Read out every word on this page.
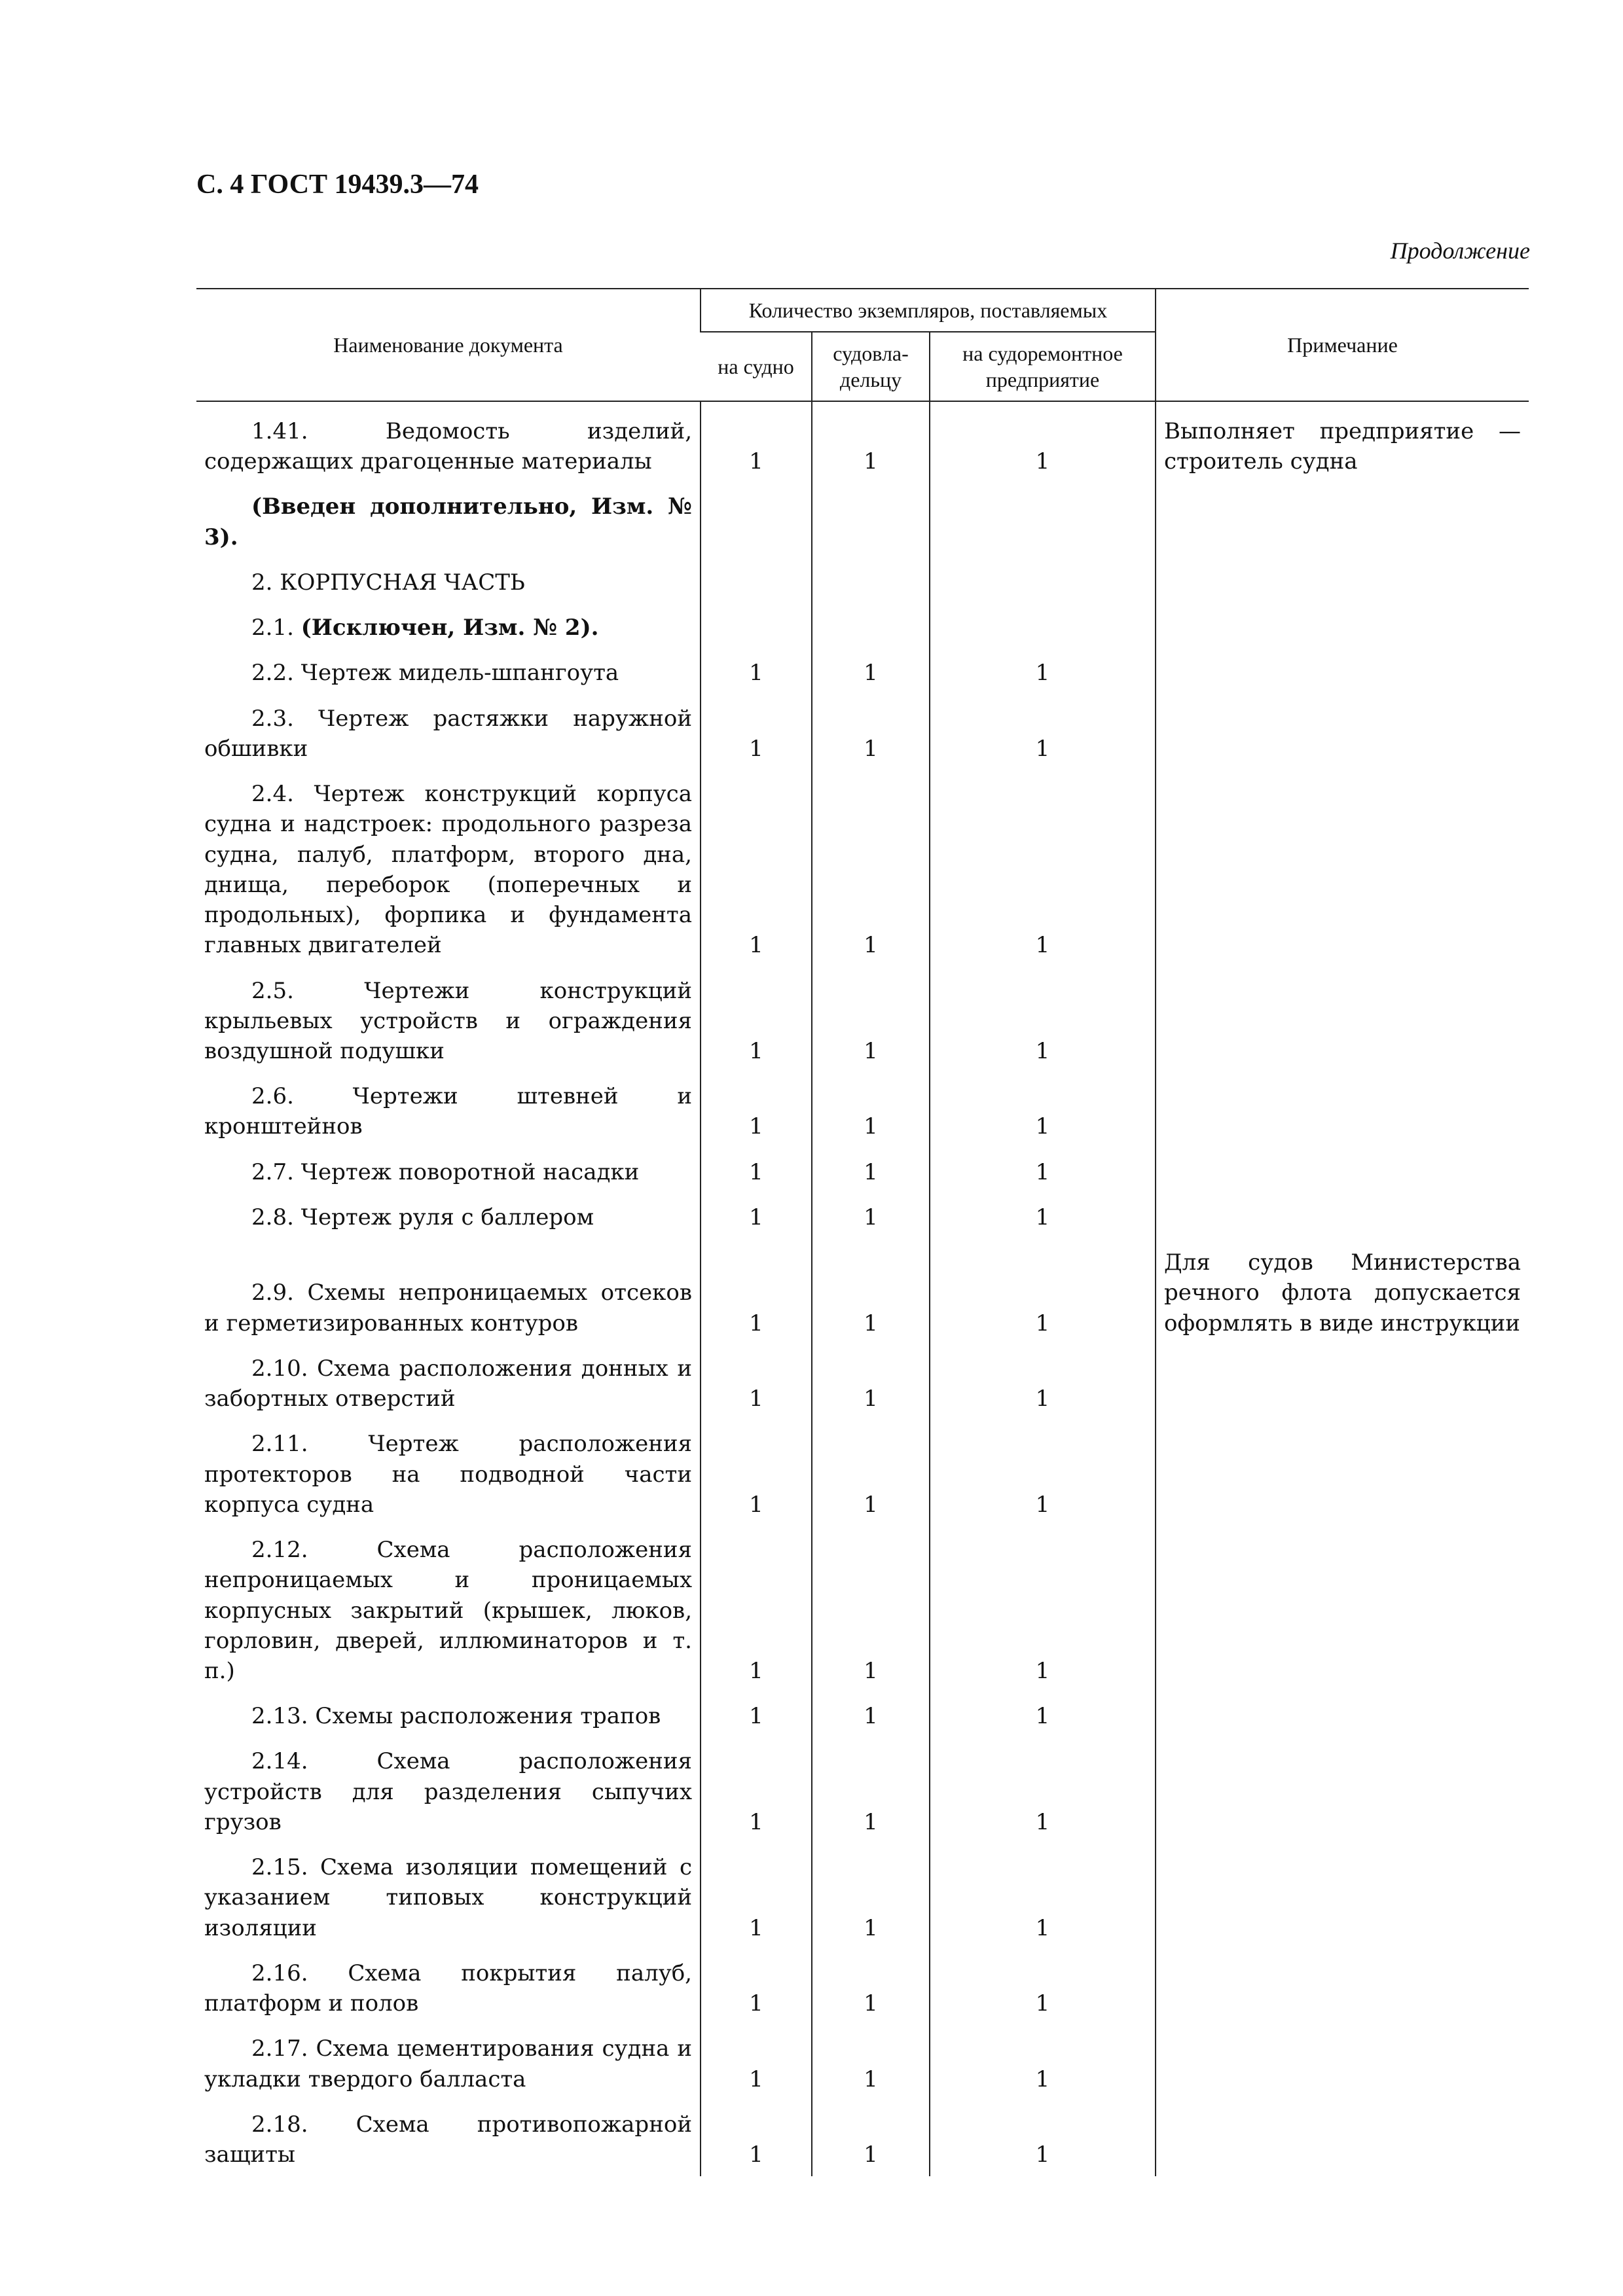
С. 4 ГОСТ 19439.3—74
Продолжение
Наименование документа	Количество экземпляров, поставляемых			Примечание
	на судно	судовла-дельцу	на судоремонтное предприятие	
1.41. Ведомость изделий, содержащих драгоценные материалы	1	1	1	Выполняет предприятие — строитель судна
(Введен дополнительно, Изм. № 3).				
2. КОРПУСНАЯ ЧАСТЬ				
2.1. (Исключен, Изм. № 2).				
2.2. Чертеж мидель-шпангоута	1	1	1	
2.3. Чертеж растяжки наружной обшивки	1	1	1	
2.4. Чертеж конструкций корпуса судна и надстроек: продольного разреза судна, палуб, платформ, второго дна, днища, переборок (поперечных и продольных), форпика и фундамента главных двигателей	1	1	1	
2.5. Чертежи конструкций крыльевых устройств и ограждения воздушной подушки	1	1	1	
2.6. Чертежи штевней и кронштейнов	1	1	1	
2.7. Чертеж поворотной насадки	1	1	1	
2.8. Чертеж руля с баллером	1	1	1	
2.9. Схемы непроницаемых отсеков и герметизированных контуров	1	1	1	Для судов Министерства речного флота допускается оформлять в виде инструкции
2.10. Схема расположения донных и забортных отверстий	1	1	1	
2.11. Чертеж расположения протекторов на подводной части корпуса судна	1	1	1	
2.12. Схема расположения непроницаемых и проницаемых корпусных закрытий (крышек, люков, горловин, дверей, иллюминаторов и т. п.)	1	1	1	
2.13. Схемы расположения трапов	1	1	1	
2.14. Схема расположения устройств для разделения сыпучих грузов	1	1	1	
2.15. Схема изоляции помещений с указанием типовых конструкций изоляции	1	1	1	
2.16. Схема покрытия палуб, платформ и полов	1	1	1	
2.17. Схема цементирования судна и укладки твердого балласта	1	1	1	
2.18. Схема противопожарной защиты	1	1	1	
